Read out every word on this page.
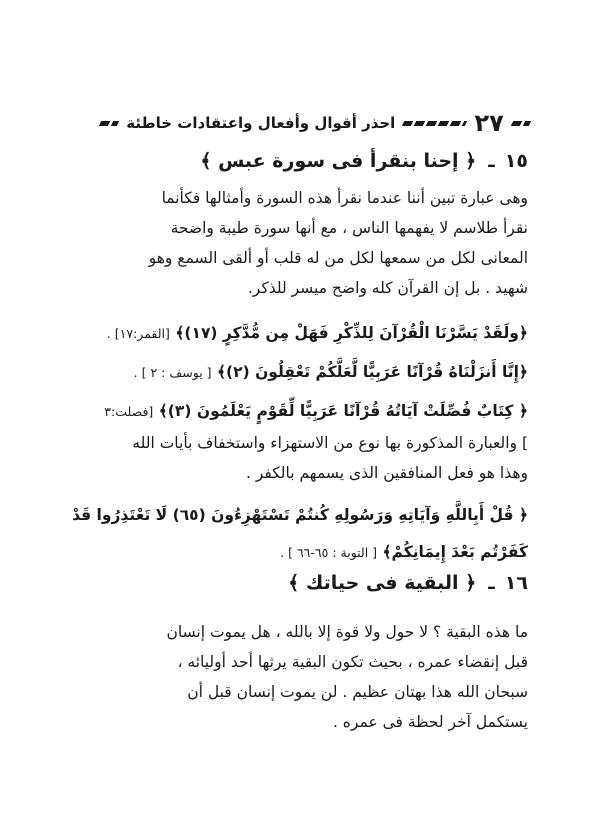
٢٧
احذر أقوال وأفعال واعتقادات خاطئة
١٥ـ﴿ إحنا بنقرأ فى سورة عبس ﴾
وهى عبارة تبين أننا عندما نقرأ هذه السورة وأمثالها فكأنما
نقرأ طلاسم لا يفهمها الناس ، مع أنها سورة طيبة واضحة
المعانى لكل من سمعها لكل من له قلب أو ألقى السمع وهو
شهيد . بل إن القرآن كله واضح ميسر للذكر.
﴿ولَقَدْ يَسَّرْنَا الْقُرْآنَ لِلذِّكْرِ فَهَلْ مِن مُّدَّكِرٍ (١٧)﴾ [القمر:١٧] .
﴿إِنَّا أَنزَلْنَاهُ قُرْآنًا عَرَبِيًّا لَّعَلَّكُمْ تَعْقِلُونَ (٢)﴾ [ يوسف : ٢ ] .
﴿ كِتَابٌ فُصِّلَتْ آيَاتُهُ قُرْآنًا عَرَبِيًّا لِّقَوْمٍ يَعْلَمُونَ (٣)﴾ [فصلت:٣
] والعبارة المذكورة بها نوع من الاستهزاء واستخفاف بأيات الله
وهذا هو فعل المنافقين الذى يسمهم بالكفر .
﴿ قُلْ أَبِاللَّهِ وَآيَاتِهِ وَرَسُولِهِ كُنتُمْ تَسْتَهْزِءُونَ (٦٥) لَا تَعْتَذِرُوا قَدْ
كَفَرْتُم بَعْدَ إِيمَانِكُمْ﴾ [ التوبة : ٦٥-٦٦ ] .
١٦ـ﴿ البقية فى حياتك ﴾
ما هذه البقية ؟ لا حول ولا قوة إلا بالله ، هل يموت إنسان
قبل إنقضاء عمره ، بحيث تكون البقية يرثها أحد أوليائه ،
سبحان الله هذا بهتان عظيم . لن يموت إنسان قبل أن
يستكمل آخر لحظة فى عمره .
